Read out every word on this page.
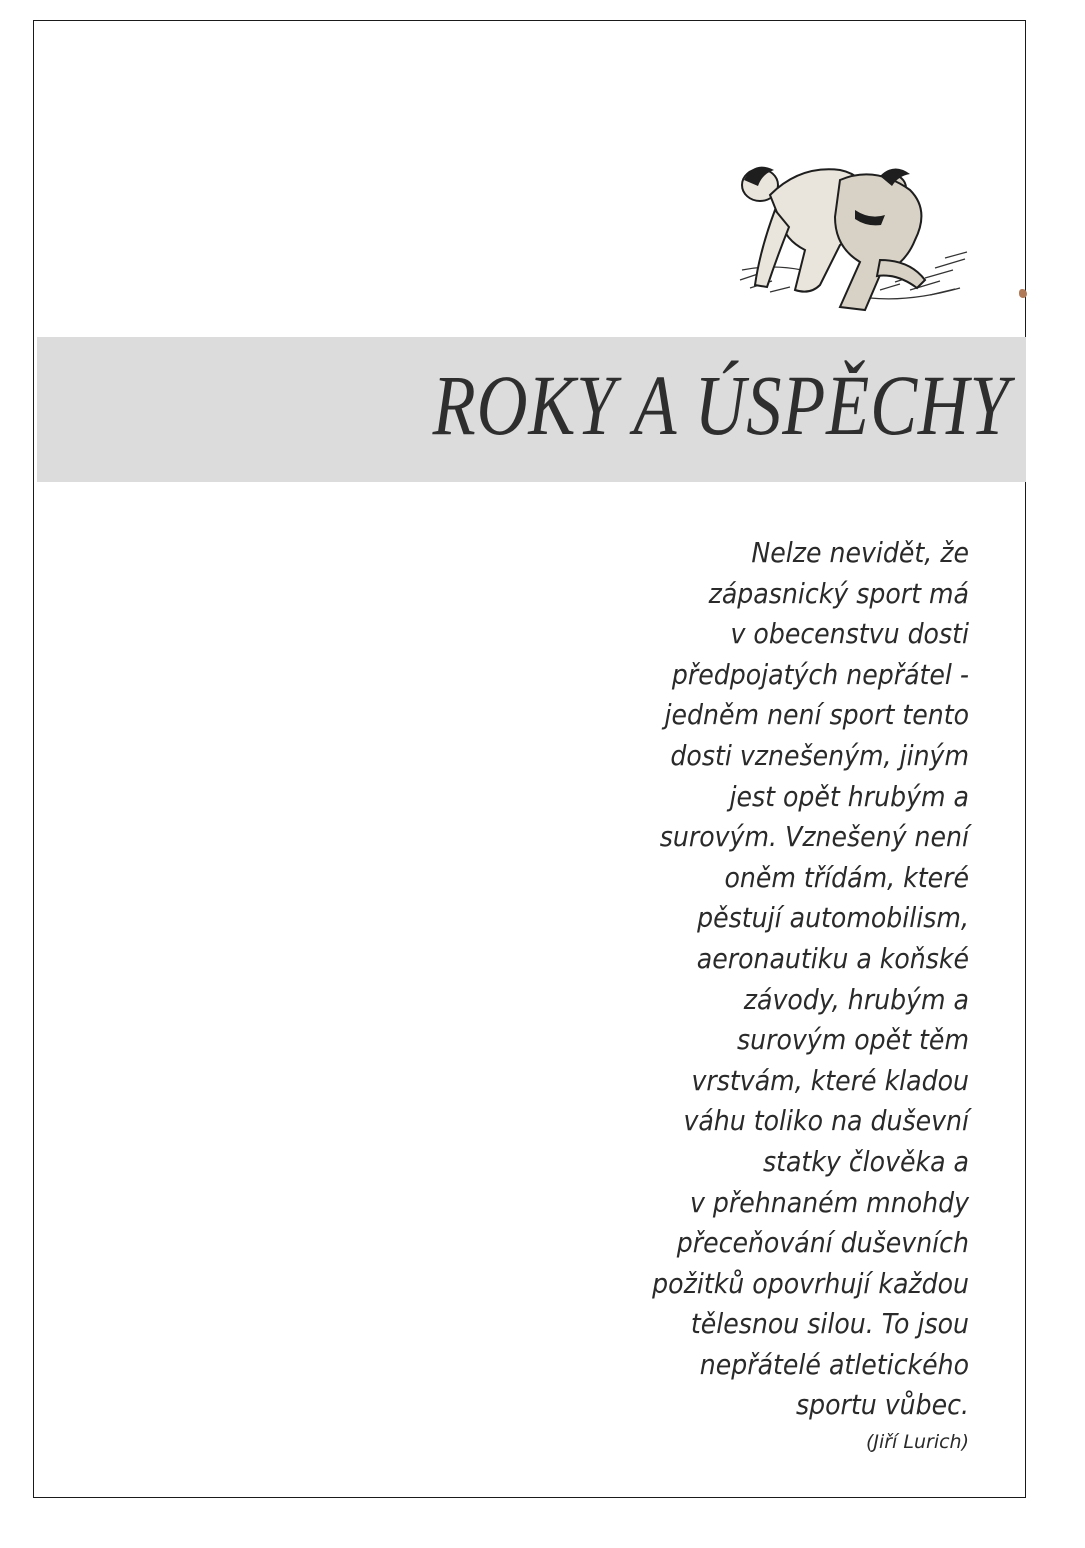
ROKY A ÚSPĚCHY
Nelze nevidět, že
zápasnický sport má
v obecenstvu dosti
předpojatých nepřátel -
jedněm není sport tento
dosti vznešeným, jiným
jest opět hrubým a
surovým. Vznešený není
oněm třídám, které
pěstují automobilism,
aeronautiku a koňské
závody, hrubým a
surovým opět těm
vrstvám, které kladou
váhu toliko na duševní
statky člověka a
v přehnaném mnohdy
přeceňování duševních
požitků opovrhují každou
tělesnou silou. To jsou
nepřátelé atletického
sportu vůbec.
(Jiří Lurich)
